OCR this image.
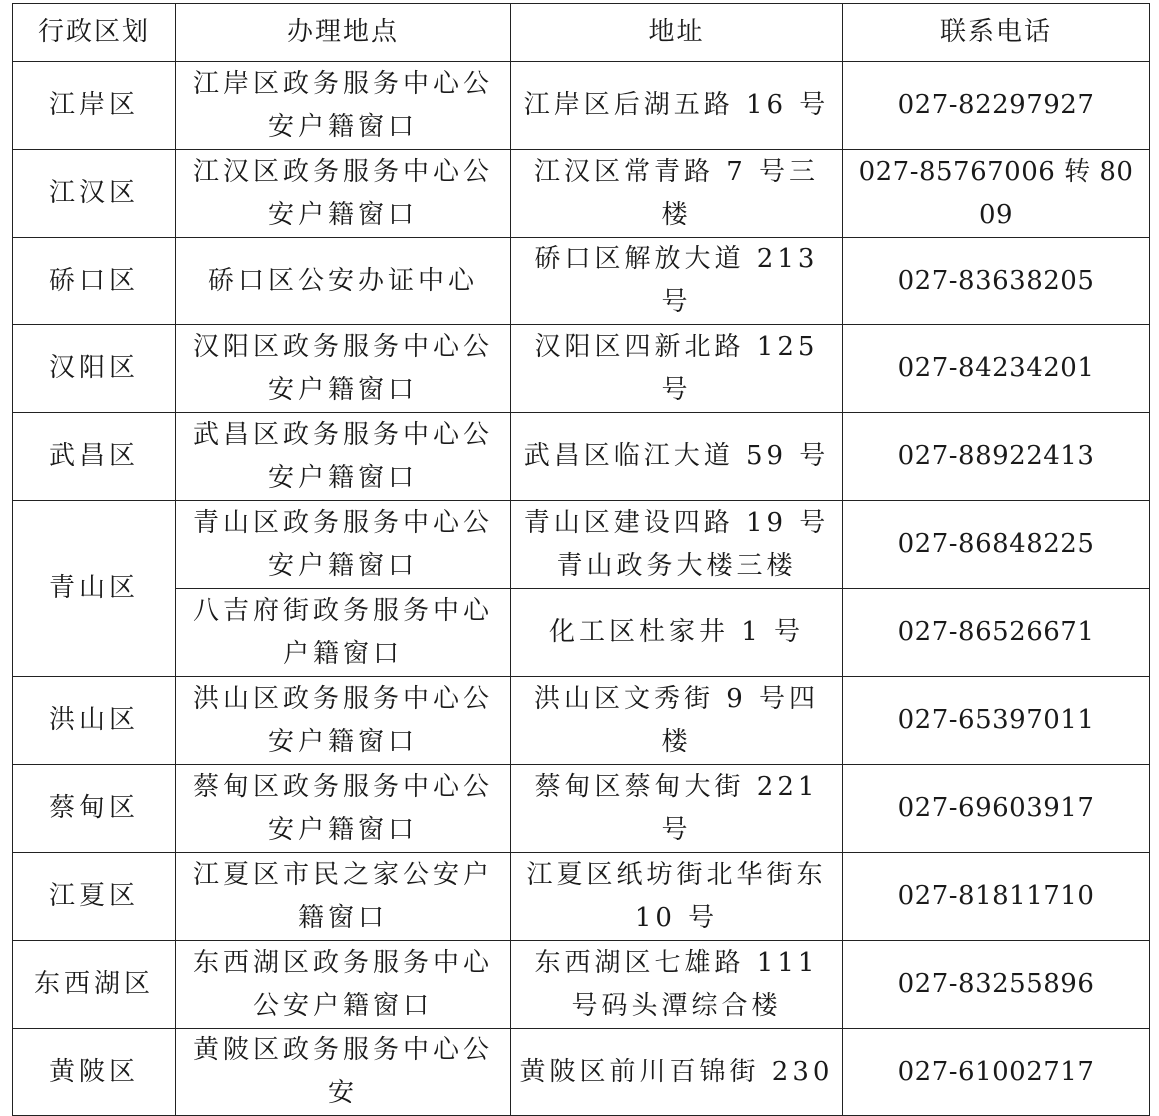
行政区划	办理地点	地址	联系电话
江岸区	江岸区政务服务中心公安户籍窗口	江岸区后湖五路 16 号	027-82297927
江汉区	江汉区政务服务中心公安户籍窗口	江汉区常青路 7 号三楼	027-85767006 转 8009
硚口区	硚口区公安办证中心	硚口区解放大道 213 号	027-83638205
汉阳区	汉阳区政务服务中心公安户籍窗口	汉阳区四新北路 125 号	027-84234201
武昌区	武昌区政务服务中心公安户籍窗口	武昌区临江大道 59 号	027-88922413
青山区	青山区政务服务中心公安户籍窗口	青山区建设四路 19 号青山政务大楼三楼	027-86848225
	八吉府街政务服务中心户籍窗口	化工区杜家井 1 号	027-86526671
洪山区	洪山区政务服务中心公安户籍窗口	洪山区文秀街 9 号四楼	027-65397011
蔡甸区	蔡甸区政务服务中心公安户籍窗口	蔡甸区蔡甸大街 221 号	027-69603917
江夏区	江夏区市民之家公安户籍窗口	江夏区纸坊街北华街东 10 号	027-81811710
东西湖区	东西湖区政务服务中心公安户籍窗口	东西湖区七雄路 111 号码头潭综合楼	027-83255896
黄陂区	黄陂区政务服务中心公安	黄陂区前川百锦街 230	027-61002717
